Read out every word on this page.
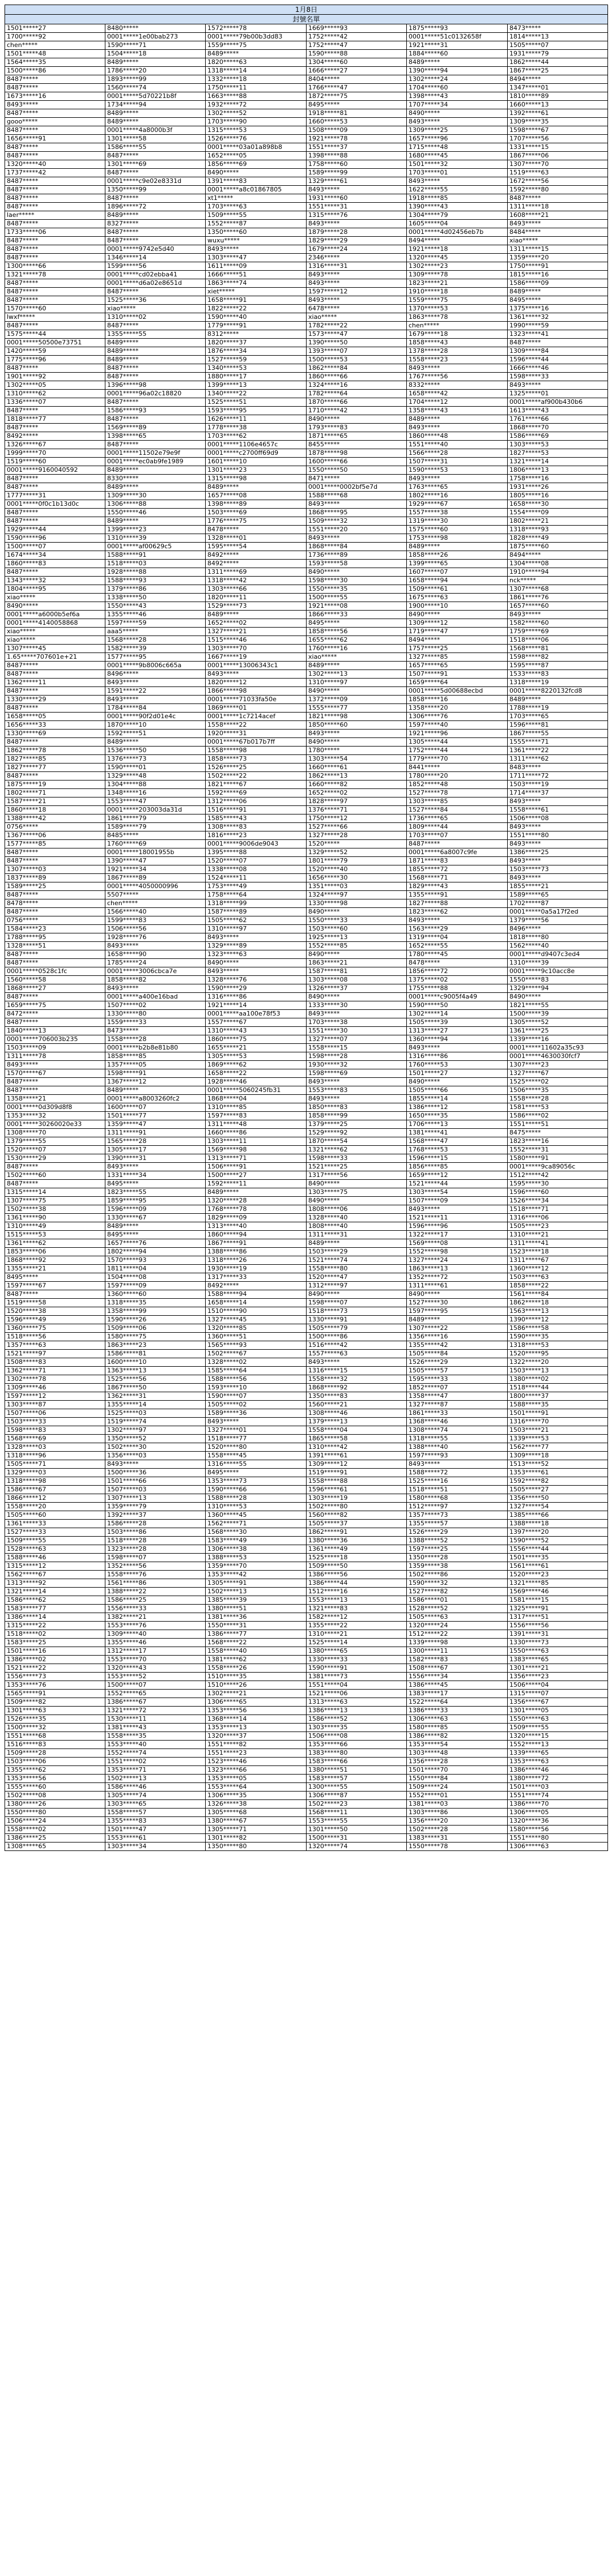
1月8日					
封號名單					
1501*****27	8480*****	1572*****78	1669*****93	1875*****93	8473*****
1700*****92	0001*****1e00bab273	0001*****79b00b3dd83	1752*****42	0001*****51c0132658f	1814*****13
chen*****	1590*****71	1559*****75	1752*****47	1921*****31	1505*****07
1501*****48	1504*****18	8489*****	1590*****88	1884*****60	1931*****79
1564*****35	8489*****	1820*****63	1304*****60	8489*****	1862*****44
1500*****86	1786*****20	1318*****14	1666*****27	1390*****94	1867*****25
8487*****	1893*****99	1332*****18	8404*****	1302*****24	8494*****
8487*****	1560*****74	1750*****11	1766*****47	1704*****60	1347*****01
1673*****16	0001*****5d70221b8f	1663*****88	1872*****75	1398*****43	1810*****89
8493*****	1734*****94	1932*****72	8495*****	1707*****34	1660*****13
8487*****	8489*****	1302*****52	1918*****81	8490*****	1392*****61
gooo*****	8489*****	1703*****90	1660*****53	8493*****	1309*****35
8487*****	0001*****4a8000b3f	1315*****53	1508*****09	1309*****25	1598*****67
1656*****91	1301*****58	1526*****76	1921*****78	1657*****96	1707*****56
8487*****	1586*****55	0001*****03a01a898b8	1551*****37	1715*****48	1331*****15
8487*****	8487*****	1652*****05	1398*****88	1680*****45	1867*****06
1320*****40	1301*****69	1856*****69	1758*****60	1501*****32	1307*****70
1737*****42	8487*****	8490*****	1589*****99	1703*****01	1519*****63
8487*****	0001*****c9e02e8331d	1391*****83	1329*****61	8493*****	1672*****56
8487*****	1350*****99	0001*****a8c01867805	8493*****	1622*****55	1592*****80
8487*****	8487*****	xt1*****	1931*****60	1918*****85	8487*****
8487*****	1896*****72	1703*****63	1551*****31	1390*****43	1311*****18
laer*****	8489*****	1509*****55	1315*****76	1304*****79	1608*****21
8487*****	8327*****	1552*****87	8493*****	1605*****04	8493*****
1733*****06	8487*****	1350*****60	1879*****28	0001*****4d02456eb7b	8484*****
8487*****	8487*****	wuxu*****	1829*****29	8494*****	xiao*****
8487*****	0001*****9742e5d40	8493*****	1679*****24	1921*****18	1311*****15
8487*****	1346*****14	1303*****47	2346*****	1320*****45	1359*****20
1300*****66	1599*****56	1611*****09	1316*****31	1302*****23	1750*****91
1321*****78	0001*****cd02ebba41	1666*****51	8493*****	1309*****78	1815*****16
8487*****	0001*****d6a02e8651d	1863*****74	8493*****	1823*****21	1586*****09
8487*****	8487*****	xiet*****	1597*****12	1910*****18	8489*****
8487*****	1525*****36	1658*****91	8493*****	1559*****75	8495*****
1570*****60	xiao*****	1822*****22	6478*****	1370*****53	1375*****16
lwxf*****	1310*****02	1590*****40	xiao*****	1863*****78	1361*****32
8487*****	8487*****	1779*****91	1782*****22	chen*****	1990*****59
1575*****44	1355*****55	8312*****	1573*****47	1679*****18	1323*****41
0001*****50500e73751	8489*****	1820*****37	1390*****50	1858*****43	8487*****
1420*****59	8489*****	1876*****34	1393*****07	1378*****28	1309*****84
1775*****96	8489*****	1527*****59	1500*****53	1558*****23	1596*****44
8487*****	8487*****	1340*****53	1862*****84	8493*****	1666*****46
1901*****92	8487*****	1880*****17	1860*****66	1767*****56	1598*****33
1302*****05	1396*****98	1399*****13	1324*****16	8332*****	8493*****
1310*****62	0001*****96a02c18820	1340*****22	1782*****64	1658*****42	1325*****01
1336*****07	8487*****	1525*****51	1870*****66	1704*****12	0001*****af900b430b6
8487*****	1586*****93	1593*****95	1710*****42	1358*****43	1613*****43
1818*****77	8487*****	1626*****11	8490*****	8489*****	1761*****66
8487*****	1569*****89	1778*****38	1793*****83	8493*****	1868*****70
8492*****	1398*****65	1703*****62	1871*****65	1860*****48	1586*****69
1326*****67	8487*****	0001*****1106e4657c	8455*****	1551*****40	1303*****53
1999*****70	0001*****11502e79e9f	0001*****c2700ff69d9	1878*****98	1566*****28	1827*****53
1519*****60	0001*****ec0ab9fe1989	1601*****10	1600*****66	1507*****31	1321*****14
0001*****9160040592	8489*****	1301*****23	1550*****50	1590*****53	1806*****13
8487*****	8330*****	1315*****98	8471*****	8493*****	1758*****16
8487*****	8489*****	8489*****	0001*****0002bf5e7d	1763*****65	1931*****26
1777*****31	1309*****30	1657*****08	1588*****68	1802*****16	1805*****16
0001*****0f0c1b13d0c	1306*****88	1398*****89	8493*****	1929*****67	1658*****30
8487*****	1550*****46	1503*****69	1868*****95	1557*****38	1554*****09
8487*****	8489*****	1776*****75	1509*****32	1319*****30	1802*****21
1929*****44	1399*****23	8478*****	1551*****20	1575*****60	1318*****93
1590*****96	1310*****39	1328*****01	8493*****	1753*****98	1828*****49
1500*****07	0001*****af00629c5	1595*****54	1868*****84	8489*****	1875*****60
1674*****34	1588*****91	8492*****	1736*****89	1858*****26	8494*****
1860*****83	1518*****03	8492*****	1593*****58	1399*****65	1304*****08
8487*****	1928*****88	1311*****69	8490*****	1607*****07	1910*****94
1343*****32	1588*****93	1318*****42	1598*****30	1658*****94	nck*****
1804*****95	1379*****86	1303*****66	1550*****35	1509*****61	1307*****68
xiao*****	1338*****50	1820*****11	1500*****55	1675*****63	1861*****76
8490*****	1550*****43	1529*****73	1921*****08	1900*****10	1657*****60
0001*****a6000b5ef6a	1355*****46	8489*****	1866*****33	8490*****	8493*****
0001*****4140058868	1597*****59	1652*****02	8495*****	1309*****12	1582*****60
xiao*****	aaa5*****	1327*****21	1858*****56	1719*****47	1759*****69
xiao*****	1568*****28	1515*****46	1655*****62	8494*****	1518*****06
1307*****45	1582*****39	1303*****70	1760*****16	1757*****25	1568*****81
1.65*****707601e+21	1577*****95	1667*****19	xiao*****	1327*****85	1598*****82
8487*****	0001*****9b8006c665a	0001*****13006343c1	8489*****	1657*****65	1595*****87
8487*****	8496*****	8493*****	1302*****13	1507*****91	1533*****83
1362*****11	8493*****	1820*****12	1310*****97	1659*****64	1318*****19
8487*****	1591*****22	1866*****98	8490*****	0001*****5d00688ecbd	0001*****8220132fcd8
1330*****29	8493*****	0001*****71033fa50e	1372*****09	1858*****16	8489*****
8487*****	1784*****84	1869*****01	1555*****77	1358*****20	1788*****19
1658*****05	0001*****90f2d01e4c	0001*****1c7214acef	1821*****98	1306*****76	1703*****65
1656*****33	1870*****10	1558*****22	1850*****60	1597*****40	1596*****81
1330*****69	1592*****51	1920*****31	8493*****	1921*****96	1867*****55
8487*****	8489*****	0001*****67b017b7ff	8490*****	1305*****44	1555*****71
1862*****78	1536*****50	1558*****98	1780*****	1752*****44	1361*****22
1827*****85	1376*****73	1858*****73	1303*****54	1779*****70	1311*****62
1827*****77	1590*****01	1526*****25	1660*****61	8441*****	8483*****
8487*****	1329*****48	1502*****22	1862*****13	1780*****20	1711*****72
1875*****19	1304*****88	1821*****67	1660*****82	1852*****48	1503*****19
1802*****71	1348*****16	1592*****69	1652*****02	1527*****78	1714*****37
1587*****21	1553*****47	1312*****06	1828*****97	1303*****85	8493*****
1860*****18	0001*****203003da31d	1516*****91	1376*****71	1527*****84	1558*****61
1388*****42	1861*****79	1585*****43	1750*****12	1736*****65	1506*****08
0756*****	1589*****79	1308*****83	1527*****66	1809*****44	8493*****
1367*****06	8485*****	1816*****23	1327*****28	1703*****07	1551*****80
1577*****85	1760*****69	0001*****9006de9043	1520*****	8487*****	8493*****
8487*****	0001*****18001955b	1395*****88	1329*****52	0001*****6a8007c9fe	1386*****25
8487*****	1390*****47	1520*****07	1801*****79	1871*****83	8493*****
1307*****03	1921*****34	1338*****08	1520*****40	1855*****72	1503*****73
1837*****89	1867*****89	1524*****11	1656*****30	1568*****71	8493*****
1589*****25	0001*****4050000996	1753*****49	1351*****03	1829*****43	1855*****21
8487*****	5507*****	1758*****64	1324*****97	1355*****91	1589*****65
8478*****	chen*****	1318*****99	1330*****98	1827*****88	1702*****87
8487*****	1566*****40	1587*****89	8490*****	1823*****62	0001*****0a5a17f2ed
0756*****	1599*****83	1505*****62	1550*****33	8493*****	1379*****56
1584*****23	1506*****56	1310*****97	1503*****60	1563*****29	8496*****
1788*****95	1928*****76	8493*****	1925*****13	1319*****04	1818*****80
1328*****51	8493*****	1329*****89	1552*****85	1652*****55	1562*****40
8487*****	1658*****90	1323*****63	8490*****	1780*****45	0001*****d9407c3ed4
8487*****	1785*****24	8490*****	1863*****21	8478*****	1310*****39
0001*****0528c1fc	0001*****3006cbca7e	8493*****	1587*****81	1856*****72	0001*****9c10acc8e
1560*****58	1858*****82	1328*****76	1303*****08	1375*****02	1550*****83
1868*****27	8493*****	1590*****29	1326*****37	1755*****88	1329*****94
8487*****	0001*****a400e16bad	1316*****86	8490*****	0001*****c9005f4a49	8490*****
1659*****75	1507*****02	1921*****14	1333*****30	1590*****50	1821*****55
8472*****	1330*****80	0001*****aa100e78f53	8493*****	1302*****14	1500*****39
8487*****	1559*****33	1557*****67	1703*****38	1505*****39	1305*****52
1840*****13	8473*****	1310*****43	1551*****30	1313*****27	1361*****25
0001*****706003b235	1558*****28	1860*****75	1327*****07	1360*****94	1339*****16
1503*****09	0001*****b2b8e81b80	1655*****21	1558*****15	8493*****	0001*****11602a35c93
1311*****78	1858*****85	1305*****53	1598*****28	1316*****86	0001*****4630030fcf7
8493*****	1357*****05	1869*****62	1930*****32	1760*****53	1307*****23
1570*****67	1598*****91	1658*****22	1598*****69	1501*****27	1327*****67
8487*****	1367*****12	1928*****46	8493*****	8490*****	1525*****02
8487*****	8489*****	0001*****5060245fb31	1553*****83	1505*****66	1506*****35
1358*****21	0001*****a8003260fc2	1868*****04	8493*****	1855*****14	1558*****28
0001*****0d309d8f8	1600*****07	1310*****85	1850*****83	1386*****12	1581*****53
1353*****32	1501*****77	1597*****83	1858*****99	1650*****35	1586*****02
0001*****30260020e33	1359*****47	1311*****48	1379*****25	1706*****13	1551*****51
1308*****70	1311*****91	1660*****86	1529*****92	1381*****41	8475*****
1379*****55	1565*****28	1303*****11	1870*****54	1568*****47	1823*****16
1520*****07	1305*****17	1569*****98	1321*****62	1768*****53	1552*****31
1530*****29	1390*****31	1313*****71	1598*****33	1596*****15	1580*****91
8487*****	8493*****	1506*****91	1521*****25	1856*****85	0001*****9ca89056c
1502*****60	1331*****34	1500*****27	1317*****56	1659*****12	1512*****42
8487*****	8495*****	1592*****11	8490*****	1521*****44	1595*****30
1315*****14	1823*****55	8489*****	1303*****75	1303*****54	1596*****60
1307*****75	1859*****95	1320*****28	8490*****	1507*****09	1526*****34
1502*****38	1596*****09	1768*****78	1808*****06	8493*****	1518*****71
1361*****90	1330*****67	1829*****09	1328*****40	1521*****11	1316*****06
1310*****49	8489*****	1313*****40	1808*****40	1596*****96	1505*****23
1515*****53	8495*****	1860*****94	1311*****31	1322*****17	1310*****21
1361*****62	1657*****76	1867*****91	8489*****	1569*****08	1311*****41
1853*****06	1802*****94	1388*****86	1503*****29	1552*****98	1523*****18
1868*****92	1570*****93	1318*****26	1521*****74	1327*****24	1311*****67
1355*****21	1811*****04	1930*****19	1558*****80	1863*****13	1360*****12
8495*****	1504*****08	1317*****33	1520*****47	1352*****72	1503*****63
1597*****67	1597*****09	8492*****	1312*****97	1311*****61	1858*****22
8487*****	1360*****60	1588*****94	8490*****	8490*****	1561*****84
1519*****58	1318*****35	1658*****14	1598*****07	1527*****30	1862*****18
1520*****38	1358*****99	1510*****90	1518*****73	1597*****95	1563*****13
1596*****49	1590*****26	1327*****45	1330*****91	8489*****	1390*****12
1360*****75	1509*****06	1320*****85	1505*****79	1307*****22	1586*****58
1518*****56	1580*****75	1360*****51	1500*****86	1356*****16	1590*****35
1357*****63	1863*****23	1565*****93	1516*****42	1355*****42	1318*****53
1521*****97	1586*****81	1502*****67	1557*****63	1505*****84	1520*****95
1508*****83	1600*****10	1328*****02	8493*****	1526*****29	1322*****20
1362*****71	1363*****13	1585*****64	1316*****15	1505*****57	1503*****13
1302*****78	1525*****56	1588*****56	1558*****32	1595*****33	1380*****02
1309*****46	1867*****50	1593*****10	1868*****92	1852*****07	1518*****44
1597*****12	1362*****31	1590*****07	1350*****83	1358*****47	1800*****37
1303*****87	1355*****14	1505*****02	1560*****21	1327*****87	1588*****35
1507*****06	1525*****03	1589*****36	1308*****46	1861*****33	1501*****91
1503*****33	1519*****74	8493*****	1379*****13	1368*****46	1316*****70
1598*****83	1302*****97	1327*****01	1558*****04	1308*****74	1503*****21
1568*****69	1350*****52	1518*****77	1865*****58	1318*****55	1339*****53
1328*****03	1502*****30	1520*****80	1310*****42	1388*****40	1562*****77
1318*****96	1356*****03	1558*****45	1391*****61	1597*****93	1309*****18
1505*****71	8493*****	1316*****55	1309*****12	8493*****	1513*****52
1329*****03	1500*****36	8495*****	1519*****91	1588*****72	1353*****61
1318*****98	1501*****66	1353*****73	1558*****88	1525*****16	1592*****82
1586*****67	1507*****03	1590*****66	1596*****61	1518*****51	1505*****27
1866*****12	1307*****13	1588*****28	1303*****19	1580*****68	1356*****50
1558*****20	1359*****79	1310*****53	1502*****80	1512*****97	1327*****54
1505*****60	1392*****37	1360*****45	1560*****82	1357*****73	1385*****66
1361*****33	1586*****28	1562*****71	1505*****37	1355*****57	1388*****18
1527*****33	1503*****86	1568*****30	1862*****91	1526*****29	1397*****20
1509*****55	1518*****28	1583*****49	1380*****36	1388*****52	1590*****52
1528*****63	1323*****28	1306*****38	1361*****49	1597*****25	1556*****44
1588*****46	1598*****07	1388*****53	1525*****18	1350*****28	1501*****35
1315*****12	1352*****56	1359*****70	1509*****50	1359*****38	1561*****61
1562*****67	1558*****76	1353*****42	1386*****56	1502*****86	1520*****23
1313*****92	1561*****86	1305*****91	1386*****44	1590*****32	1321*****85
1321*****14	1388*****22	1502*****13	1512*****16	1527*****82	1569*****46
1586*****62	1586*****25	1385*****39	1553*****13	1586*****01	1581*****15
1583*****77	1556*****33	1380*****51	1321*****83	1528*****52	1325*****91
1386*****14	1382*****21	1381*****36	1582*****12	1505*****63	1317*****51
1315*****22	1553*****76	1550*****31	1355*****22	1320*****24	1556*****56
1518*****02	1309*****40	1386*****77	1310*****21	1512*****22	1391*****31
1583*****25	1355*****46	1568*****22	1525*****14	1339*****98	1330*****73
1501*****16	1312*****17	1558*****40	1380*****65	1300*****11	1550*****63
1386*****02	1553*****70	1381*****62	1330*****33	1582*****83	1383*****65
1521*****22	1320*****43	1558*****26	1590*****91	1508*****67	1301*****21
1556*****73	1553*****52	1510*****35	1381*****73	1556*****34	1356*****23
1353*****76	1500*****07	1510*****26	1551*****04	1386*****45	1506*****04
1565*****91	1552*****65	1302*****21	1521*****06	1383*****17	1315*****07
1509*****82	1386*****67	1306*****65	1313*****63	1522*****64	1356*****67
1301*****63	1321*****72	1353*****56	1386*****13	1386*****33	1301*****05
1526*****35	1530*****11	1368*****14	1586*****52	1306*****63	1550*****63
1500*****32	1381*****43	1353*****13	1303*****35	1580*****85	1509*****55
1551*****68	1558*****35	1320*****37	1506*****08	1386*****82	1320*****15
1516*****83	1553*****40	1551*****82	1353*****66	1353*****54	1552*****13
1509*****28	1552*****74	1551*****23	1383*****80	1303*****48	1339*****65
1503*****06	1551*****02	1523*****46	1583*****66	1356*****28	1353*****63
1355*****62	1353*****71	1323*****66	1380*****51	1501*****70	1386*****46
1353*****56	1502*****13	1353*****05	1583*****57	1550*****84	1380*****72
1555*****60	1586*****46	1553*****64	1300*****55	1509*****24	1501*****03
1502*****08	1305*****74	1306*****35	1306*****87	1552*****01	1551*****74
1380*****26	1303*****65	1326*****38	1502*****23	1381*****03	1386*****70
1550*****80	1558*****57	1305*****68	1568*****11	1303*****86	1306*****05
1506*****24	1355*****83	1380*****67	1553*****55	1356*****20	1320*****36
1558*****02	1501*****47	1305*****71	1301*****50	1502*****28	1580*****56
1386*****25	1553*****61	1301*****82	1500*****31	1383*****31	1551*****80
1308*****65	1303*****34	1350*****80	1320*****74	1550*****78	1306*****63
